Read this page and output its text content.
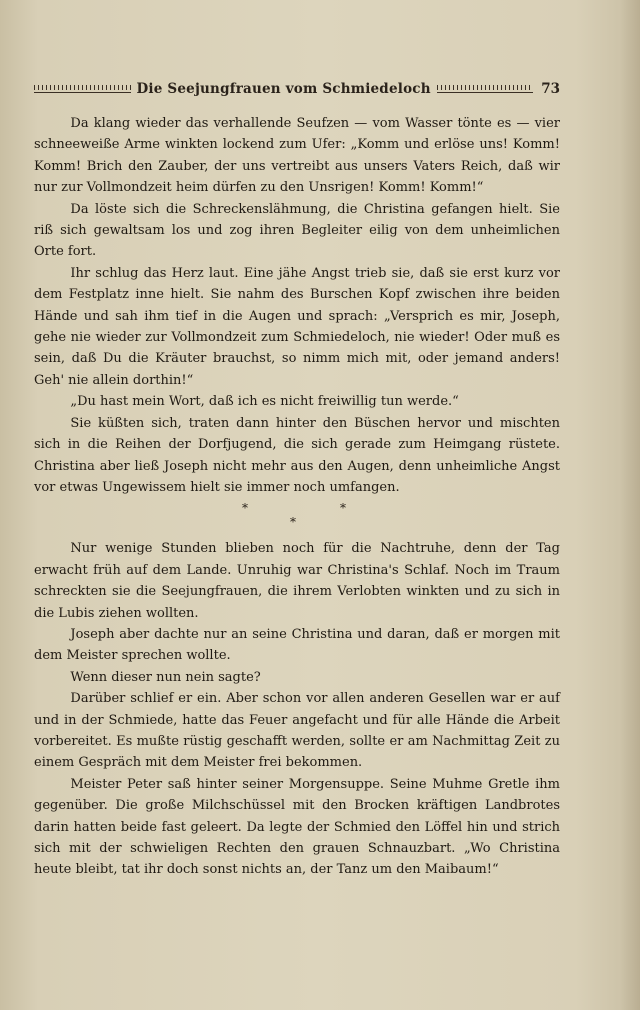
Die Seejungfrauen vom Schmiedeloch	73

Da klang wieder das verhallende Seufzen — vom Wasser tönte es — vier schneeweiße Arme winkten lockend zum Ufer: „Komm und erlöse uns! Komm! Komm! Brich den Zauber, der uns vertreibt aus unsers Vaters Reich, daß wir nur zur Vollmondzeit heim dürfen zu den Unsrigen! Komm! Komm!“

Da löste sich die Schreckenslähmung, die Christina gefangen hielt. Sie riß sich gewaltsam los und zog ihren Begleiter eilig von dem unheimlichen Orte fort.

Ihr schlug das Herz laut. Eine jähe Angst trieb sie, daß sie erst kurz vor dem Festplatz inne hielt. Sie nahm des Burschen Kopf zwischen ihre beiden Hände und sah ihm tief in die Augen und sprach: „Versprich es mir, Joseph, gehe nie wieder zur Vollmondzeit zum Schmiedeloch, nie wieder! Oder muß es sein, daß Du die Kräuter brauchst, so nimm mich mit, oder jemand anders! Geh' nie allein dorthin!“

„Du hast mein Wort, daß ich es nicht freiwillig tun werde.“

Sie küßten sich, traten dann hinter den Büschen hervor und mischten sich in die Reihen der Dorfjugend, die sich gerade zum Heimgang rüstete. Christina aber ließ Joseph nicht mehr aus den Augen, denn unheimliche Angst vor etwas Ungewissem hielt sie immer noch umfangen.

*
*
*

Nur wenige Stunden blieben noch für die Nachtruhe, denn der Tag erwacht früh auf dem Lande. Unruhig war Christina's Schlaf. Noch im Traum schreckten sie die Seejungfrauen, die ihrem Verlobten winkten und zu sich in die Lubis ziehen wollten.

Joseph aber dachte nur an seine Christina und daran, daß er morgen mit dem Meister sprechen wollte.

Wenn dieser nun nein sagte?

Darüber schlief er ein. Aber schon vor allen anderen Gesellen war er auf und in der Schmiede, hatte das Feuer angefacht und für alle Hände die Arbeit vorbereitet. Es mußte rüstig geschafft werden, sollte er am Nachmittag Zeit zu einem Gespräch mit dem Meister frei bekommen.

Meister Peter saß hinter seiner Morgensuppe. Seine Muhme Gretle ihm gegenüber. Die große Milchschüssel mit den Brocken kräftigen Landbrotes darin hatten beide fast geleert. Da legte der Schmied den Löffel hin und strich sich mit der schwieligen Rechten den grauen Schnauzbart. „Wo Christina heute bleibt, tat ihr doch sonst nichts an, der Tanz um den Maibaum!“
